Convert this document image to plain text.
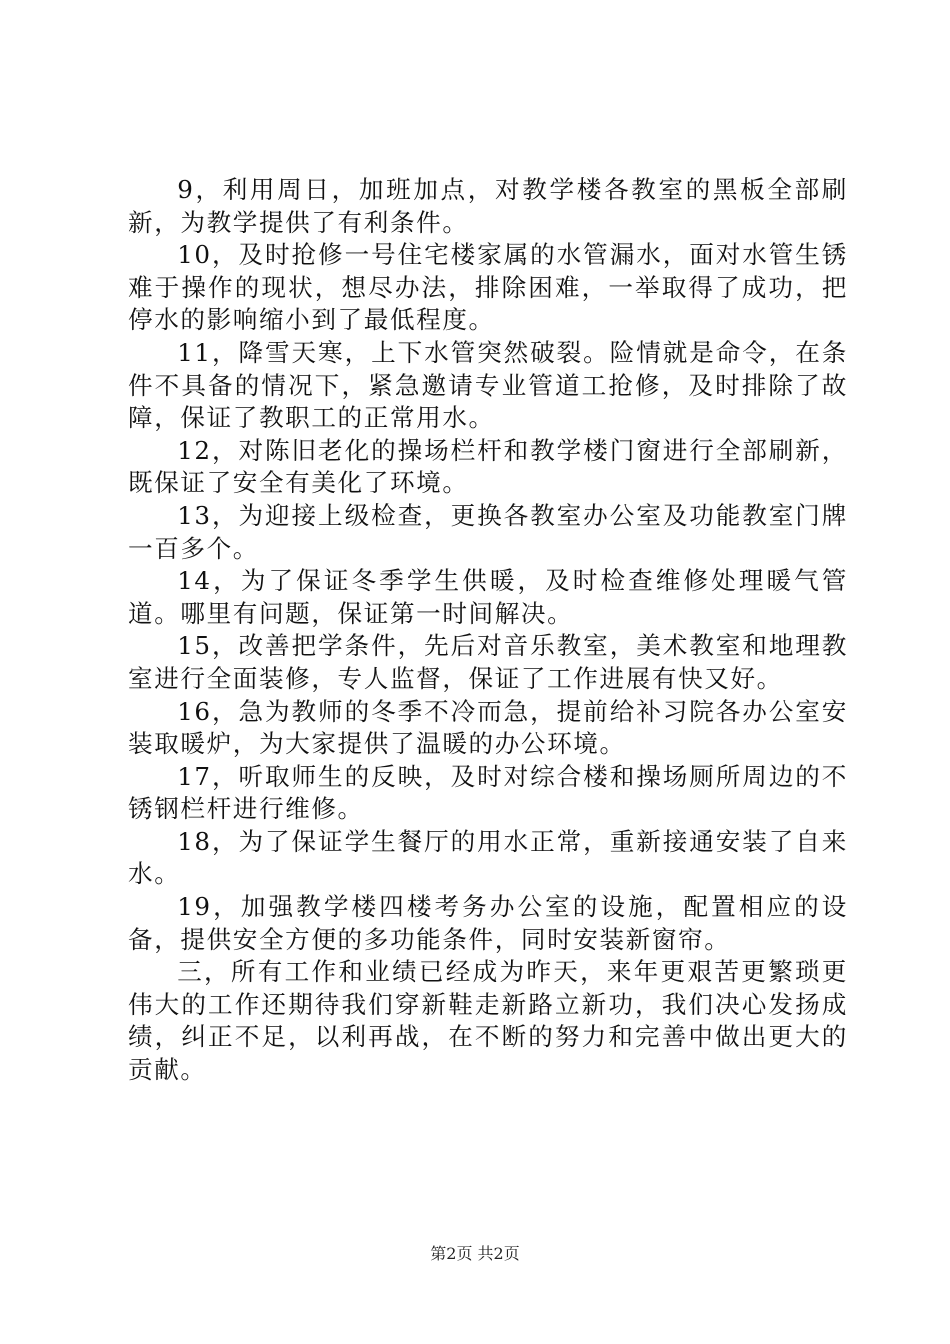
9，利用周日，加班加点，对教学楼各教室的黑板全部刷新，为教学提供了有利条件。

10，及时抢修一号住宅楼家属的水管漏水，面对水管生锈难于操作的现状，想尽办法，排除困难，一举取得了成功，把停水的影响缩小到了最低程度。

11，降雪天寒，上下水管突然破裂。险情就是命令，在条件不具备的情况下，紧急邀请专业管道工抢修，及时排除了故障，保证了教职工的正常用水。

12，对陈旧老化的操场栏杆和教学楼门窗进行全部刷新，既保证了安全有美化了环境。

13，为迎接上级检查，更换各教室办公室及功能教室门牌一百多个。

14，为了保证冬季学生供暖，及时检查维修处理暖气管道。哪里有问题，保证第一时间解决。

15，改善把学条件，先后对音乐教室，美术教室和地理教室进行全面装修，专人监督，保证了工作进展有快又好。

16，急为教师的冬季不冷而急，提前给补习院各办公室安装取暖炉，为大家提供了温暖的办公环境。

17，听取师生的反映，及时对综合楼和操场厕所周边的不锈钢栏杆进行维修。

18，为了保证学生餐厅的用水正常，重新接通安装了自来水。

19，加强教学楼四楼考务办公室的设施，配置相应的设备，提供安全方便的多功能条件，同时安装新窗帘。

三，所有工作和业绩已经成为昨天，来年更艰苦更繁琐更伟大的工作还期待我们穿新鞋走新路立新功，我们决心发扬成绩，纠正不足，以利再战，在不断的努力和完善中做出更大的贡献。

第2页 共2页
